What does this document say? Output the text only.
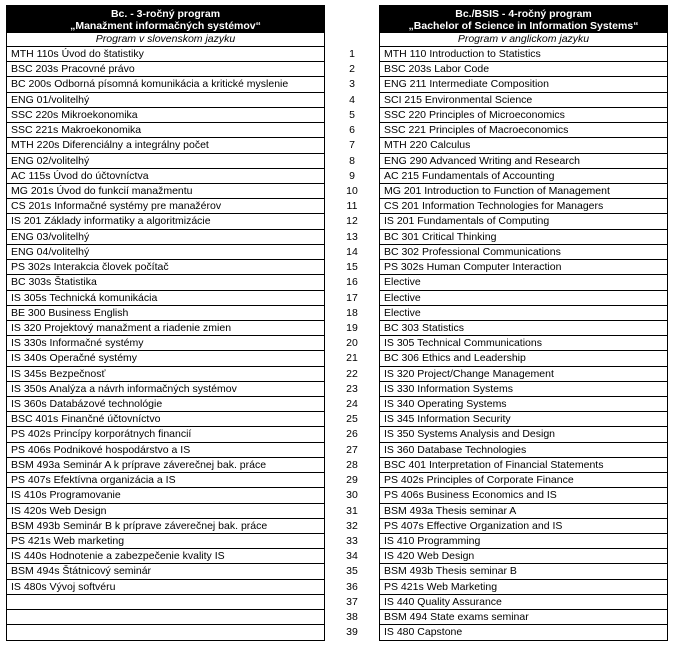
Bc. - 3-ročný program
„Manažment informačných systémov“
Program v slovenskom jazyku
MTH 110s Úvod do štatistiky
BSC 203s Pracovné právo
BC 200s Odborná písomná komunikácia a kritické myslenie
ENG 01/volitelhý
SSC 220s Mikroekonomika
SSC 221s Makroekonomika
MTH 220s Diferenciálny a integrálny počet
ENG 02/volitelhý
AC 115s Úvod do účtovníctva
MG 201s Úvod do funkcií manažmentu
CS 201s Informačné systémy pre manažérov
IS 201 Základy informatiky a algoritmizácie
ENG 03/volitelhý
ENG 04/volitelhý
PS 302s Interakcia človek počítač
BC 303s Štatistika
IS 305s Technická komunikácia
BE 300 Business English
IS 320 Projektový manažment a riadenie zmien
IS 330s Informačné systémy
IS 340s Operačné systémy
IS 345s Bezpečnosť
IS 350s Analýza a návrh informačných systémov
IS 360s Databázové technológie
BSC 401s Finančné účtovníctvo
PS 402s Princípy korporátnych financií
PS 406s Podnikové hospodárstvo a IS
BSM 493a Seminár A k príprave záverečnej bak. práce
PS 407s Efektívna organizácia a IS
IS 410s Programovanie
IS 420s Web Design
BSM 493b Seminár B k príprave záverečnej bak. práce
PS 421s Web marketing
IS 440s Hodnotenie a zabezpečenie kvality IS
BSM 494s Štátnicový seminár
IS 480s Vývoj softvéru
1
2
3
4
5
6
7
8
9
10
11
12
13
14
15
16
17
18
19
20
21
22
23
24
25
26
27
28
29
30
31
32
33
34
35
36
37
38
39
Bc./BSIS - 4-ročný program
„Bachelor of Science in Information Systems“
Program v anglickom jazyku
MTH 110 Introduction to Statistics
BSC 203s Labor Code
ENG 211 Intermediate Composition
SCI 215 Environmental Science
SSC 220 Principles of Microeconomics
SSC 221 Principles of Macroeconomics
MTH 220 Calculus
ENG 290 Advanced Writing and Research
AC 215 Fundamentals of Accounting
MG 201 Introduction to Function of Management
CS 201 Information Technologies for Managers
IS 201 Fundamentals of Computing
BC 301 Critical Thinking
BC 302 Professional Communications
PS 302s Human Computer Interaction
Elective
Elective
Elective
BC 303 Statistics
IS 305 Technical Communications
BC 306 Ethics and Leadership
IS 320 Project/Change Management
IS 330 Information Systems
IS 340 Operating Systems
IS 345 Information Security
IS 350 Systems Analysis and Design
IS 360 Database Technologies
BSC 401 Interpretation of Financial Statements
PS 402s Principles of Corporate Finance
PS 406s Business Economics and IS
BSM 493a Thesis seminar A
PS 407s Effective Organization and IS
IS 410 Programming
IS 420 Web Design
BSM 493b Thesis seminar B
PS 421s Web Marketing
IS 440 Quality Assurance
BSM 494 State exams seminar
IS 480 Capstone
